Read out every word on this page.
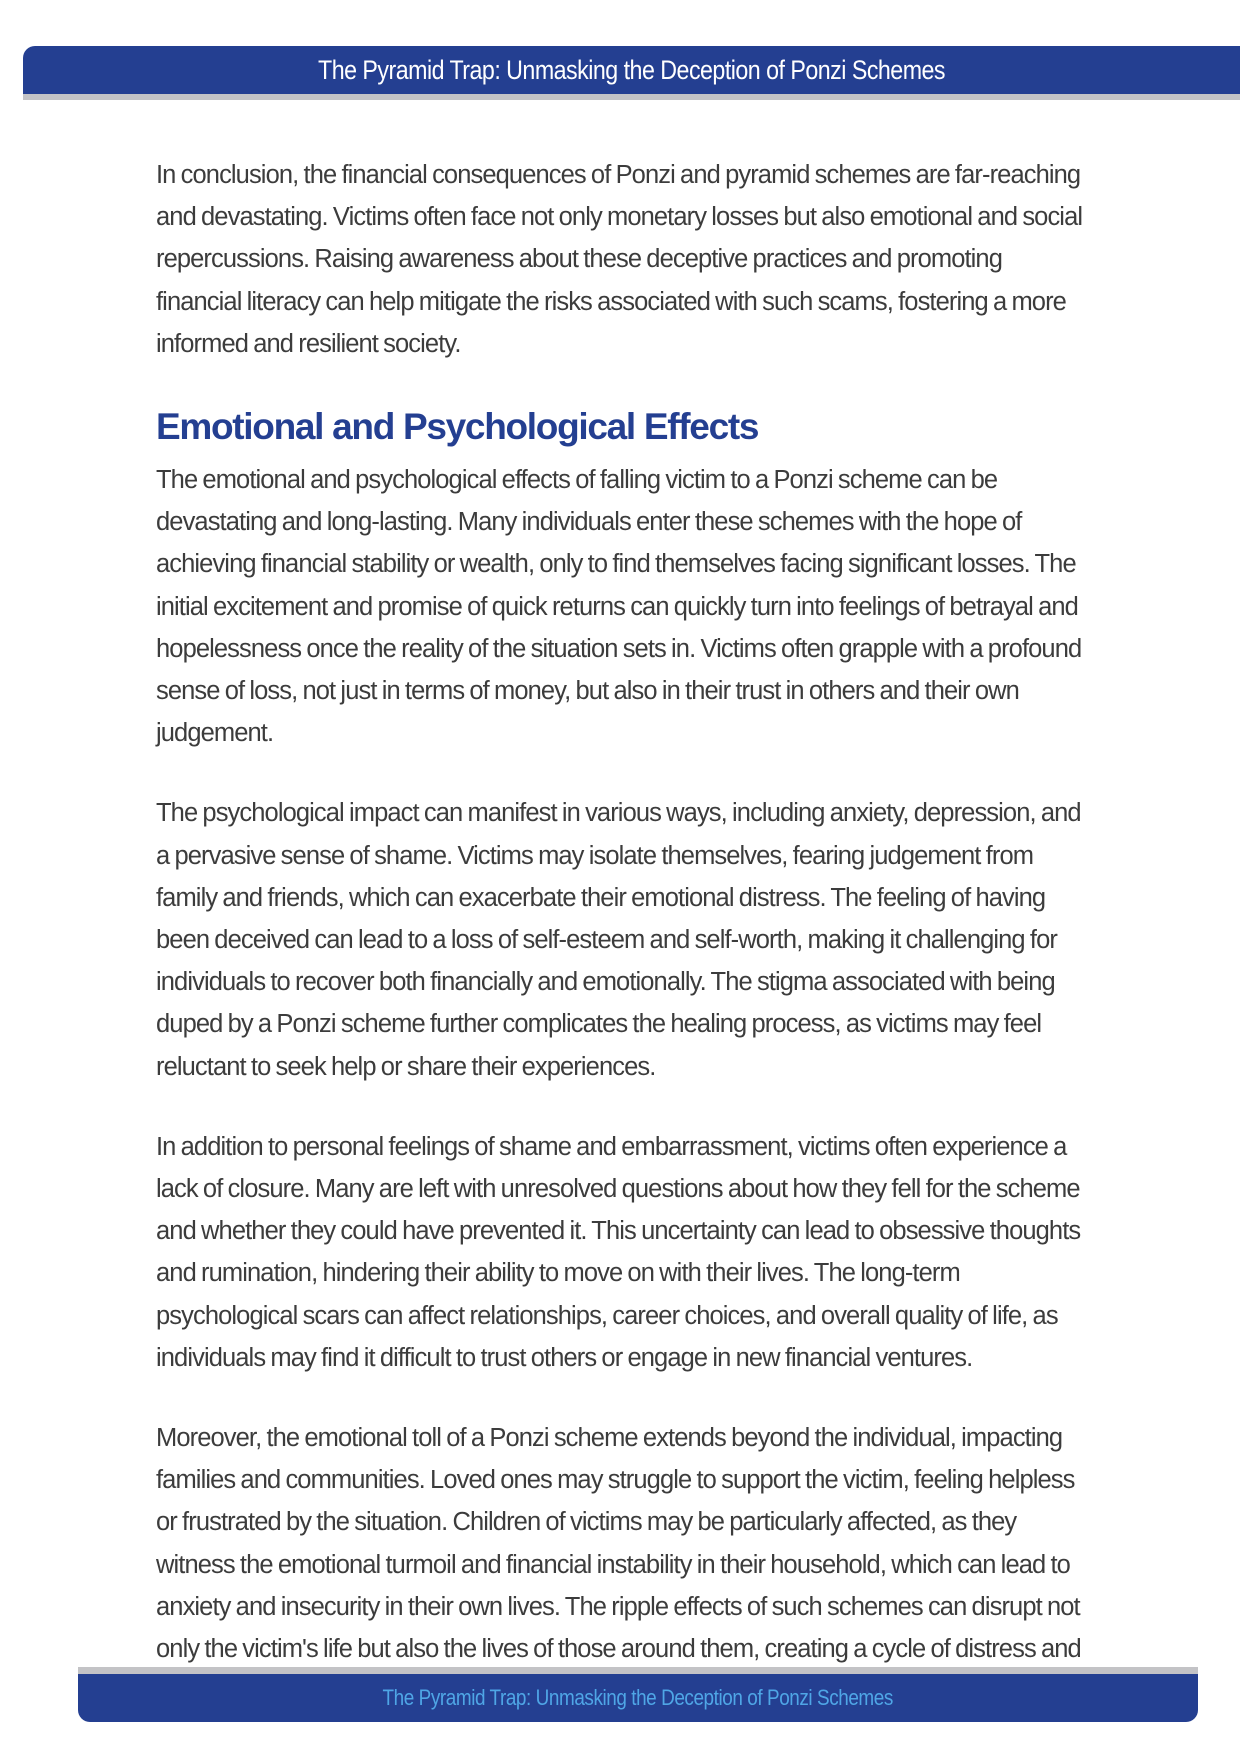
The Pyramid Trap: Unmasking the Deception of Ponzi Schemes

In conclusion, the financial consequences of Ponzi and pyramid schemes are far-reaching and devastating. Victims often face not only monetary losses but also emotional and social repercussions. Raising awareness about these deceptive practices and promoting financial literacy can help mitigate the risks associated with such scams, fostering a more informed and resilient society.

Emotional and Psychological Effects

The emotional and psychological effects of falling victim to a Ponzi scheme can be devastating and long-lasting. Many individuals enter these schemes with the hope of achieving financial stability or wealth, only to find themselves facing significant losses. The initial excitement and promise of quick returns can quickly turn into feelings of betrayal and hopelessness once the reality of the situation sets in. Victims often grapple with a profound sense of loss, not just in terms of money, but also in their trust in others and their own judgement.

The psychological impact can manifest in various ways, including anxiety, depression, and a pervasive sense of shame. Victims may isolate themselves, fearing judgement from family and friends, which can exacerbate their emotional distress. The feeling of having been deceived can lead to a loss of self-esteem and self-worth, making it challenging for individuals to recover both financially and emotionally. The stigma associated with being duped by a Ponzi scheme further complicates the healing process, as victims may feel reluctant to seek help or share their experiences.

In addition to personal feelings of shame and embarrassment, victims often experience a lack of closure. Many are left with unresolved questions about how they fell for the scheme and whether they could have prevented it. This uncertainty can lead to obsessive thoughts and rumination, hindering their ability to move on with their lives. The long-term psychological scars can affect relationships, career choices, and overall quality of life, as individuals may find it difficult to trust others or engage in new financial ventures.

Moreover, the emotional toll of a Ponzi scheme extends beyond the individual, impacting families and communities. Loved ones may struggle to support the victim, feeling helpless or frustrated by the situation. Children of victims may be particularly affected, as they witness the emotional turmoil and financial instability in their household, which can lead to anxiety and insecurity in their own lives. The ripple effects of such schemes can disrupt not only the victim's life but also the lives of those around them, creating a cycle of distress and

The Pyramid Trap: Unmasking the Deception of Ponzi Schemes
